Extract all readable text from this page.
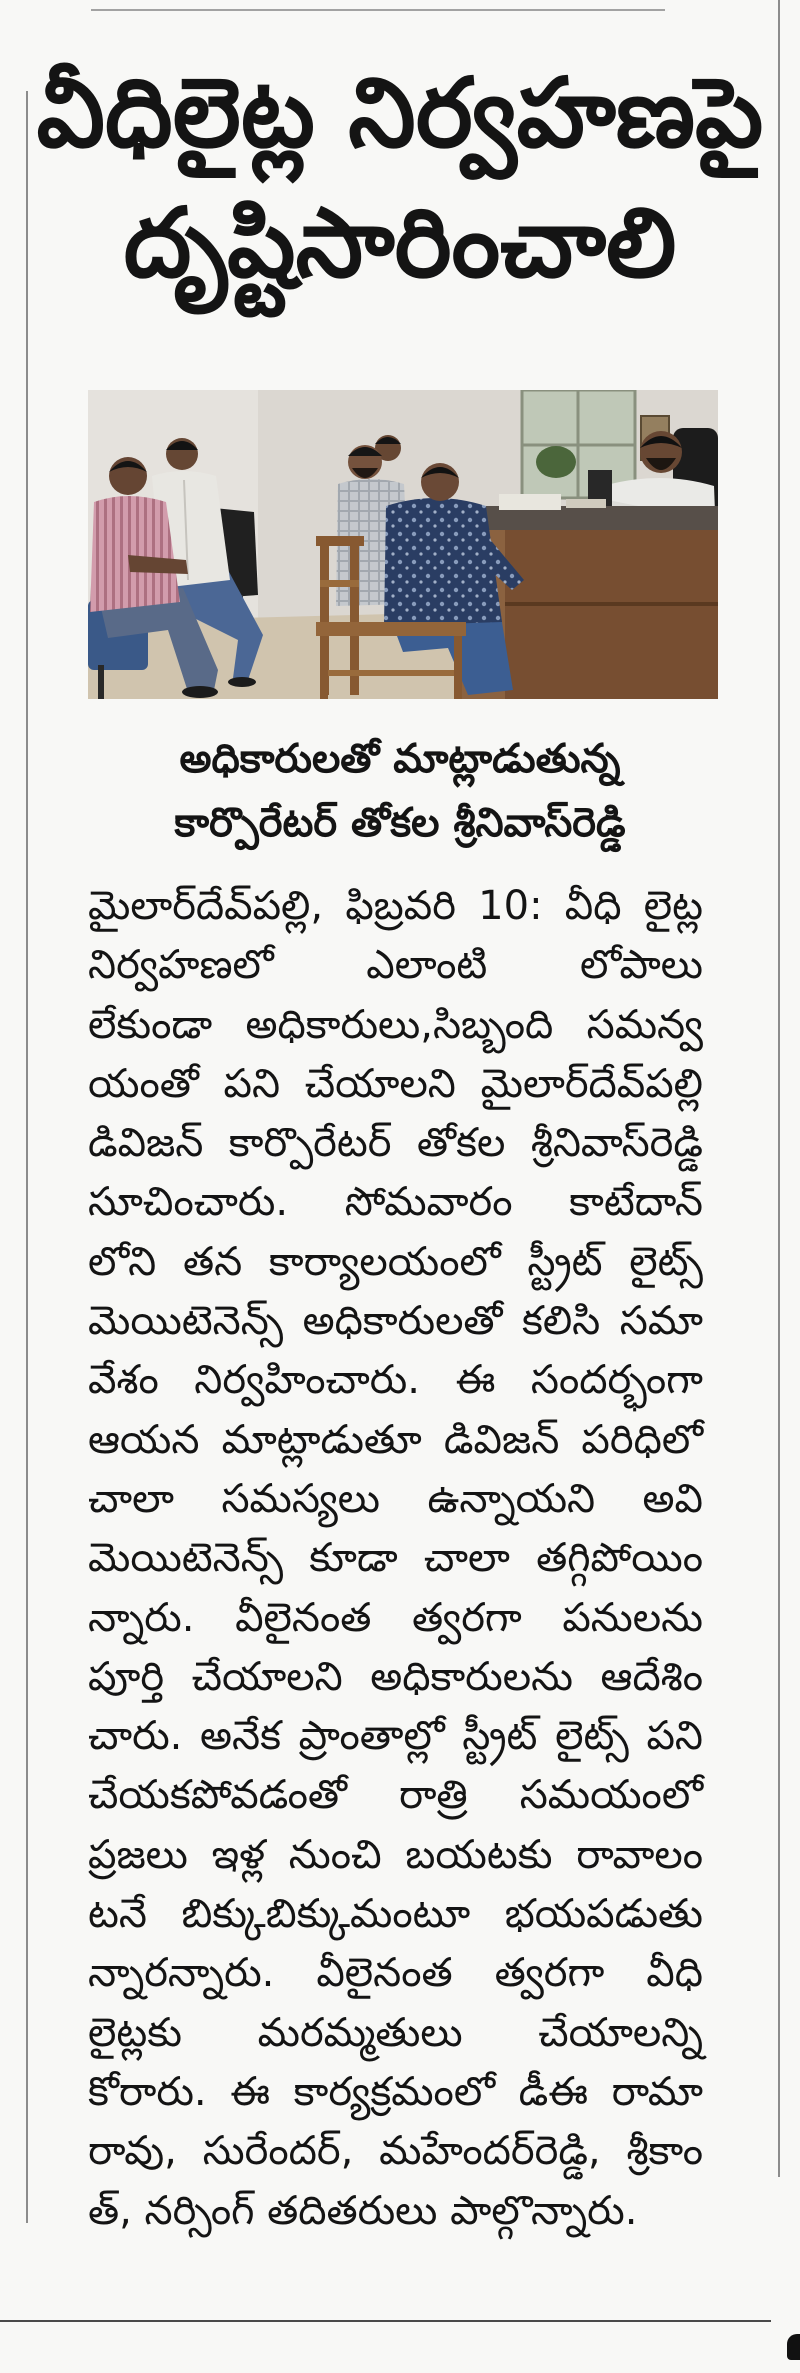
వీధిలైట్ల నిర్వహణపై
దృష్టిసారించాలి
అధికారులతో మాట్లాడుతున్న
కార్పొరేటర్ తోకల శ్రీనివాస్‌రెడ్డి
మైలార్‌దేవ్‌పల్లి, ఫిబ్రవరి 10: వీధి లైట్ల
నిర్వహణలో ఎలాంటి లోపాలు
లేకుండా అధికారులు,సిబ్బంది సమన్వ
యంతో పని చేయాలని మైలార్‌దేవ్‌పల్లి
డివిజన్ కార్పొరేటర్ తోకల శ్రీనివాస్‌రెడ్డి
సూచించారు. సోమవారం కాటేదాన్
లోని తన కార్యాలయంలో స్ట్రీట్ లైట్స్
మెయిటెనెన్స్ అధికారులతో కలిసి సమా
వేశం నిర్వహించారు. ఈ సందర్భంగా
ఆయన మాట్లాడుతూ డివిజన్ పరిధిలో
చాలా సమస్యలు ఉన్నాయని అవి
మెయిటెనెన్స్ కూడా చాలా తగ్గిపోయిం
న్నారు. వీలైనంత త్వరగా పనులను
పూర్తి చేయాలని అధికారులను ఆదేశిం
చారు. అనేక ప్రాంతాల్లో స్ట్రీట్ లైట్స్ పని
చేయకపోవడంతో రాత్రి సమయంలో
ప్రజలు ఇళ్ల నుంచి బయటకు రావాలం
టనే బిక్కుబిక్కుమంటూ భయపడుతు
న్నారన్నారు. వీలైనంత త్వరగా వీధి
లైట్లకు మరమ్మతులు చేయాలన్ని
కోరారు. ఈ కార్యక్రమంలో డీఈ రామా
రావు, సురేందర్, మహేందర్‌రెడ్డి, శ్రీకాం
త్, నర్సింగ్ తదితరులు పాల్గొన్నారు.
